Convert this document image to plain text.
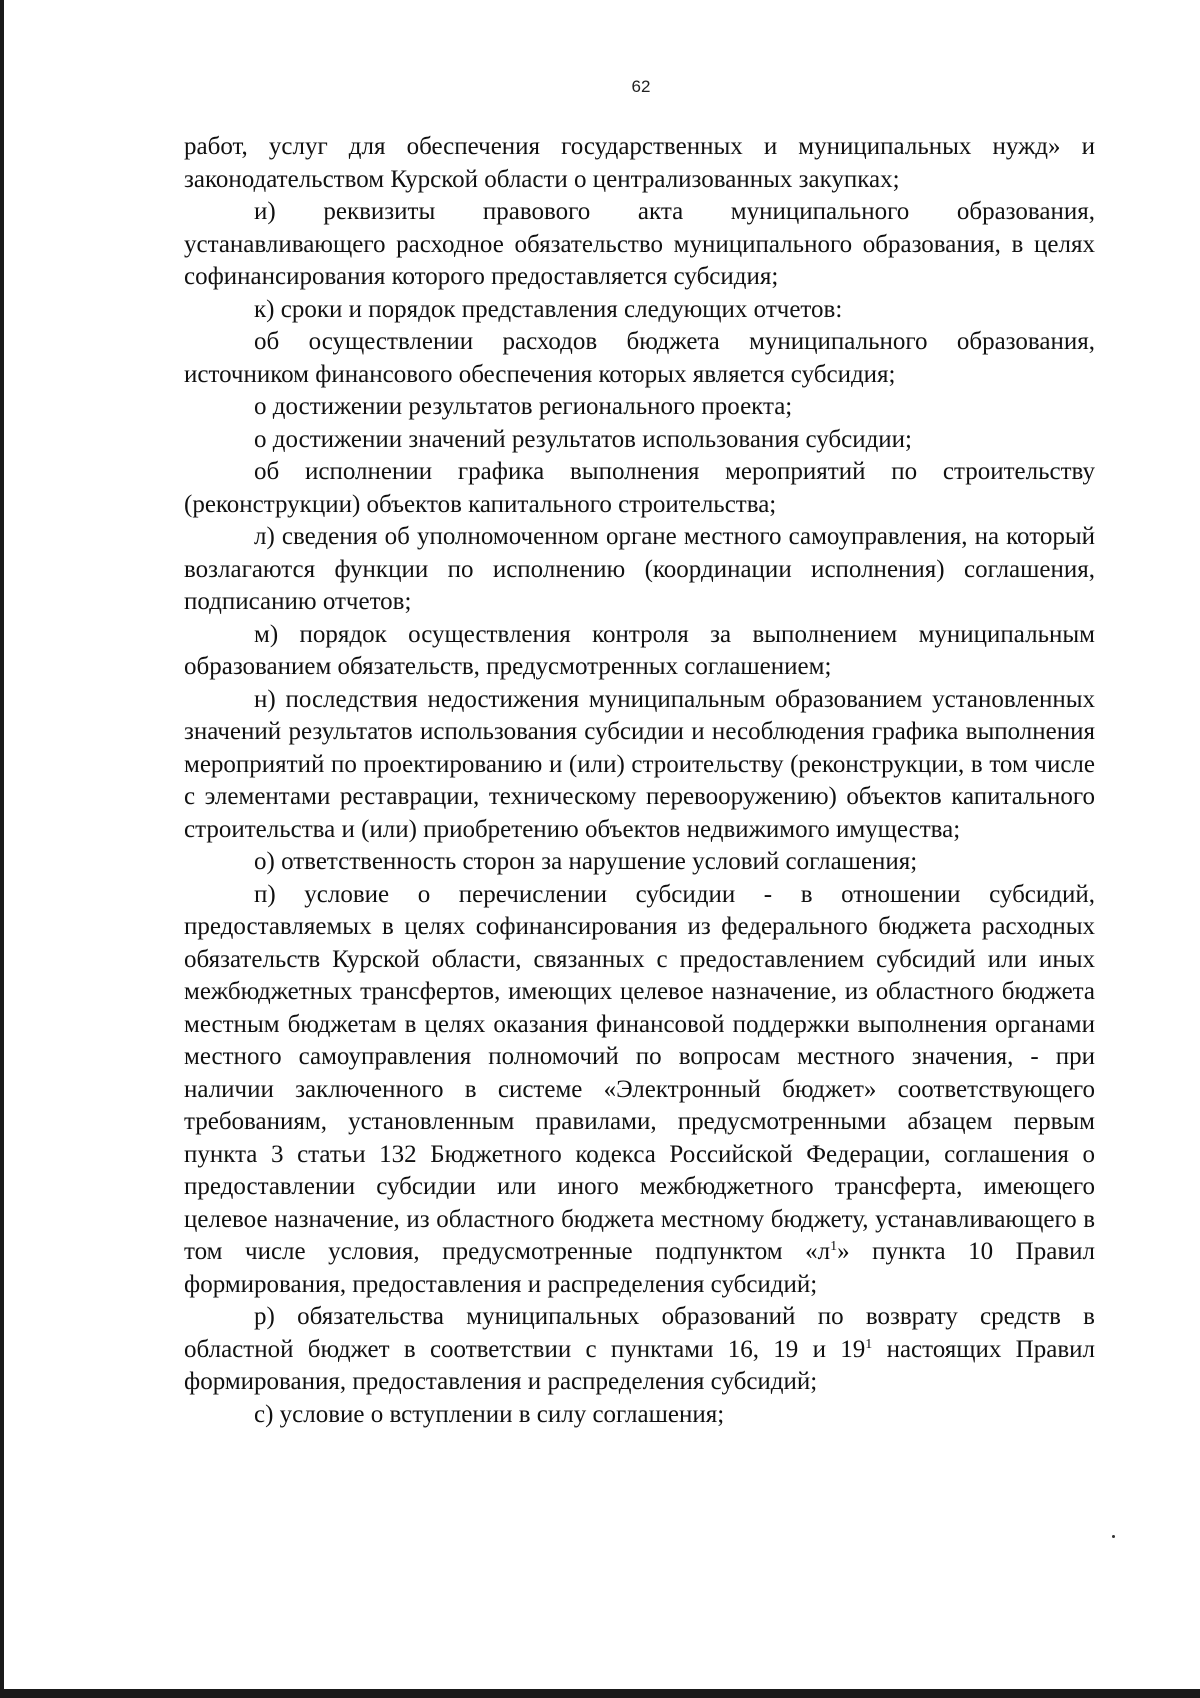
62

работ, услуг для обеспечения государственных и муниципальных нужд» и законодательством Курской области о централизованных закупках;

и) реквизиты правового акта муниципального образования, устанавливающего расходное обязательство муниципального образования, в целях софинансирования которого предоставляется субсидия;

к) сроки и порядок представления следующих отчетов:

об осуществлении расходов бюджета муниципального образования, источником финансового обеспечения которых является субсидия;

о достижении результатов регионального проекта;

о достижении значений результатов использования субсидии;

об исполнении графика выполнения мероприятий по строительству (реконструкции) объектов капитального строительства;

л) сведения об уполномоченном органе местного самоуправления, на который возлагаются функции по исполнению (координации исполнения) соглашения, подписанию отчетов;

м) порядок осуществления контроля за выполнением муниципальным образованием обязательств, предусмотренных соглашением;

н) последствия недостижения муниципальным образованием установленных значений результатов использования субсидии и несоблюдения графика выполнения мероприятий по проектированию и (или) строительству (реконструкции, в том числе с элементами реставрации, техническому перевооружению) объектов капитального строительства и (или) приобретению объектов недвижимого имущества;

о) ответственность сторон за нарушение условий соглашения;

п) условие о перечислении субсидии - в отношении субсидий, предоставляемых в целях софинансирования из федерального бюджета расходных обязательств Курской области, связанных с предоставлением субсидий или иных межбюджетных трансфертов, имеющих целевое назначение, из областного бюджета местным бюджетам в целях оказания финансовой поддержки выполнения органами местного самоуправления полномочий по вопросам местного значения, - при наличии заключенного в системе «Электронный бюджет» соответствующего требованиям, установленным правилами, предусмотренными абзацем первым пункта 3 статьи 132 Бюджетного кодекса Российской Федерации, соглашения о предоставлении субсидии или иного межбюджетного трансферта, имеющего целевое назначение, из областного бюджета местному бюджету, устанавливающего в том числе условия, предусмотренные подпунктом «$л^1$» пункта 10 Правил формирования, предоставления и распределения субсидий;

р) обязательства муниципальных образований по возврату средств в областной бюджет в соответствии с пунктами 16, 19 и $19^1$ настоящих Правил формирования, предоставления и распределения субсидий;

с) условие о вступлении в силу соглашения;
